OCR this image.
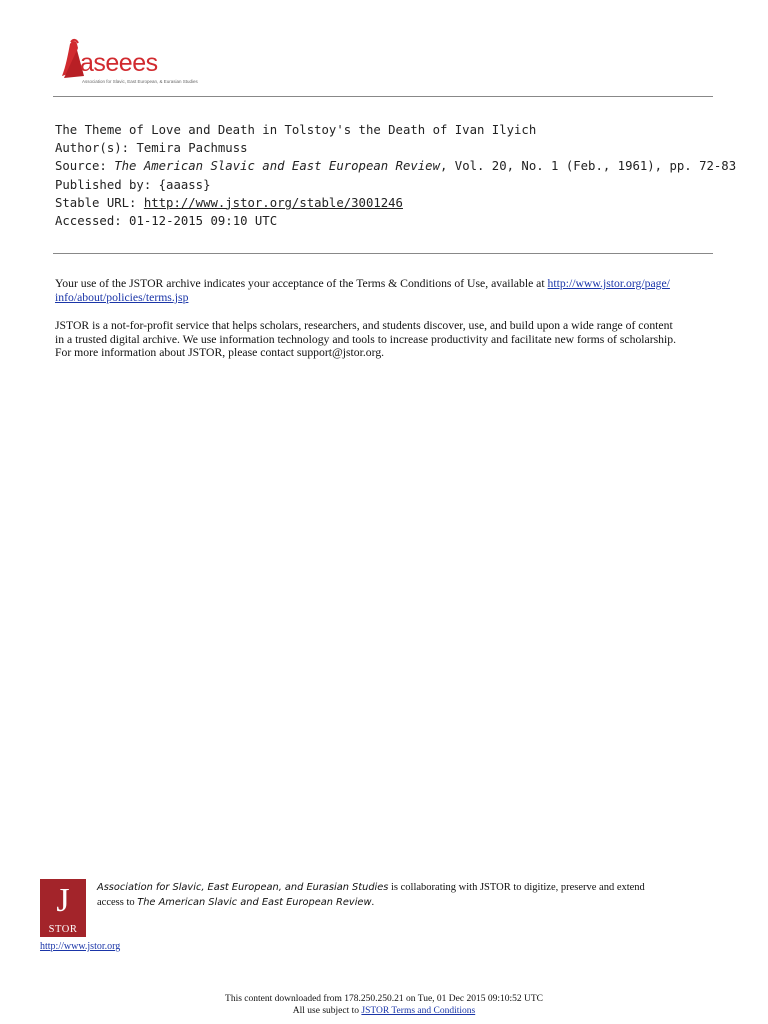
aseees
Association for Slavic, East European, & Eurasian Studies
The Theme of Love and Death in Tolstoy's the Death of Ivan Ilyich
Author(s): Temira Pachmuss
Source: The American Slavic and East European Review, Vol. 20, No. 1 (Feb., 1961), pp. 72-83
Published by: {aaass}
Stable URL: http://www.jstor.org/stable/3001246
Accessed: 01-12-2015 09:10 UTC
Your use of the JSTOR archive indicates your acceptance of the Terms & Conditions of Use, available at http://www.jstor.org/page/
info/about/policies/terms.jsp
JSTOR is a not-for-profit service that helps scholars, researchers, and students discover, use, and build upon a wide range of content
in a trusted digital archive. We use information technology and tools to increase productivity and facilitate new forms of scholarship.
For more information about JSTOR, please contact support@jstor.org.
J
STOR
http://www.jstor.org
Association for Slavic, East European, and Eurasian Studies is collaborating with JSTOR to digitize, preserve and extend
access to The American Slavic and East European Review.
This content downloaded from 178.250.250.21 on Tue, 01 Dec 2015 09:10:52 UTC
All use subject to JSTOR Terms and Conditions
